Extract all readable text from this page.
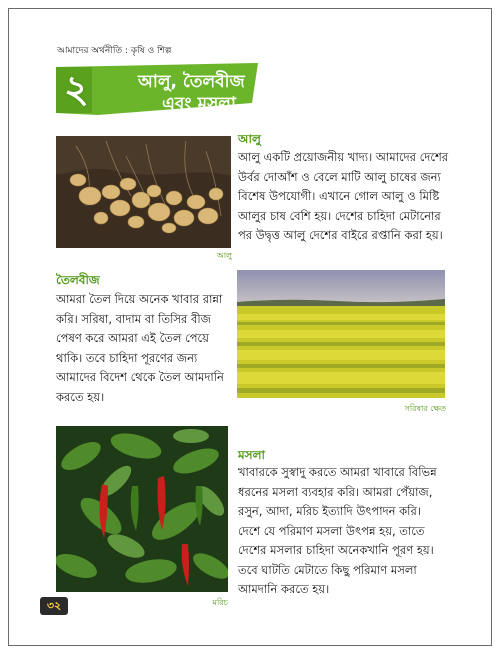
আমাদের অর্থনীতি : কৃষি ও শিল্প
২	আলু, তৈলবীজ
এবং মসলা
আলু
আলু
আলু একটি প্রয়োজনীয় খাদ্য। আমাদের দেশের
উর্বর দোআঁশ ও বেলে মাটি আলু চাষের জন্য
বিশেষ উপযোগী। এখানে গোল আলু ও মিষ্টি
আলুর চাষ বেশি হয়। দেশের চাহিদা মেটানোর
পর উদ্বৃত্ত আলু দেশের বাইরে রপ্তানি করা হয়।
তৈলবীজ
আমরা তৈল দিয়ে অনেক খাবার রান্না
করি। সরিষা, বাদাম বা তিসির বীজ
পেষণ করে আমরা এই তৈল পেয়ে
থাকি। তবে চাহিদা পূরণের জন্য
আমাদের বিদেশ থেকে তৈল আমদানি
করতে হয়।
সরিষার ক্ষেত
মরিচ
মসলা
খাবারকে সুস্বাদু করতে আমরা খাবারে বিভিন্ন
ধরনের মসলা ব্যবহার করি। আমরা পেঁয়াজ,
রসুন, আদা, মরিচ ইত্যাদি উৎপাদন করি।
দেশে যে পরিমাণ মসলা উৎপন্ন হয়, তাতে
দেশের মসলার চাহিদা অনেকখানি পূরণ হয়।
তবে ঘাটতি মেটাতে কিছু পরিমাণ মসলা
আমদানি করতে হয়।
৩২
